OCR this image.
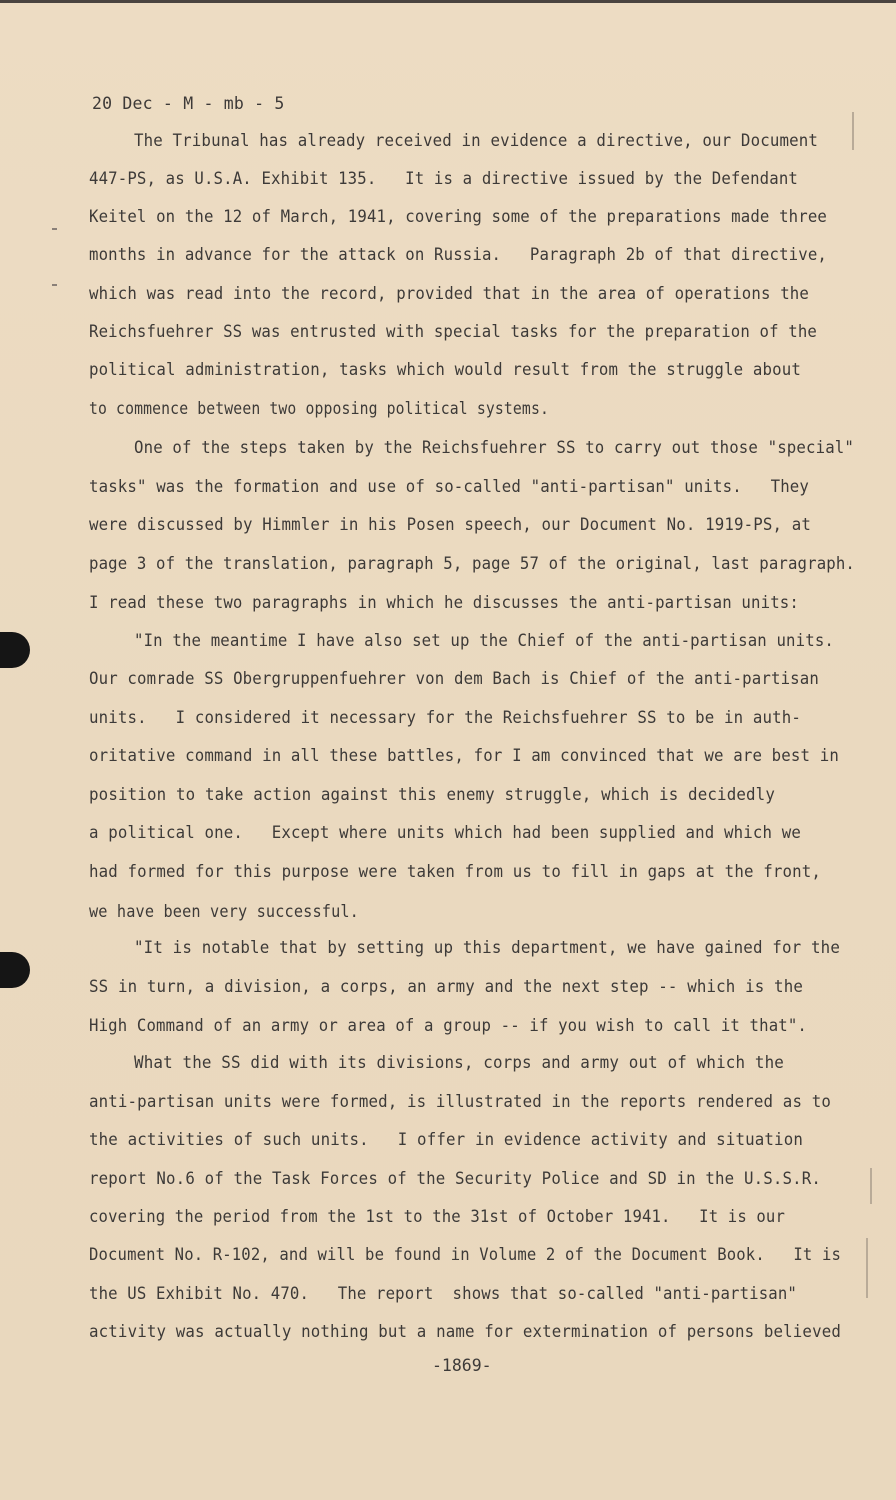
20 Dec - M - mb - 5
The Tribunal has already received in evidence a directive, our Document
447-PS, as U.S.A. Exhibit 135.   It is a directive issued by the Defendant
Keitel on the 12 of March, 1941, covering some of the preparations made three
months in advance for the attack on Russia.   Paragraph 2b of that directive,
which was read into the record, provided that in the area of operations the
Reichsfuehrer SS was entrusted with special tasks for the preparation of the
political administration, tasks which would result from the struggle about
to commence between two opposing political systems.
One of the steps taken by the Reichsfuehrer SS to carry out those "special"
tasks" was the formation and use of so-called "anti-partisan" units.   They
were discussed by Himmler in his Posen speech, our Document No. 1919-PS, at
page 3 of the translation, paragraph 5, page 57 of the original, last paragraph.
I read these two paragraphs in which he discusses the anti-partisan units:
"In the meantime I have also set up the Chief of the anti-partisan units.
Our comrade SS Obergruppenfuehrer von dem Bach is Chief of the anti-partisan
units.   I considered it necessary for the Reichsfuehrer SS to be in auth-
oritative command in all these battles, for I am convinced that we are best in
position to take action against this enemy struggle, which is decidedly
a political one.   Except where units which had been supplied and which we
had formed for this purpose were taken from us to fill in gaps at the front,
we have been very successful.
"It is notable that by setting up this department, we have gained for the
SS in turn, a division, a corps, an army and the next step -- which is the
High Command of an army or area of a group -- if you wish to call it that".
What the SS did with its divisions, corps and army out of which the
anti-partisan units were formed, is illustrated in the reports rendered as to
the activities of such units.   I offer in evidence activity and situation
report No.6 of the Task Forces of the Security Police and SD in the U.S.S.R.
covering the period from the 1st to the 31st of October 1941.   It is our
Document No. R-102, and will be found in Volume 2 of the Document Book.   It is
the US Exhibit No. 470.   The report  shows that so-called "anti-partisan"
activity was actually nothing but a name for extermination of persons believed
-1869-
